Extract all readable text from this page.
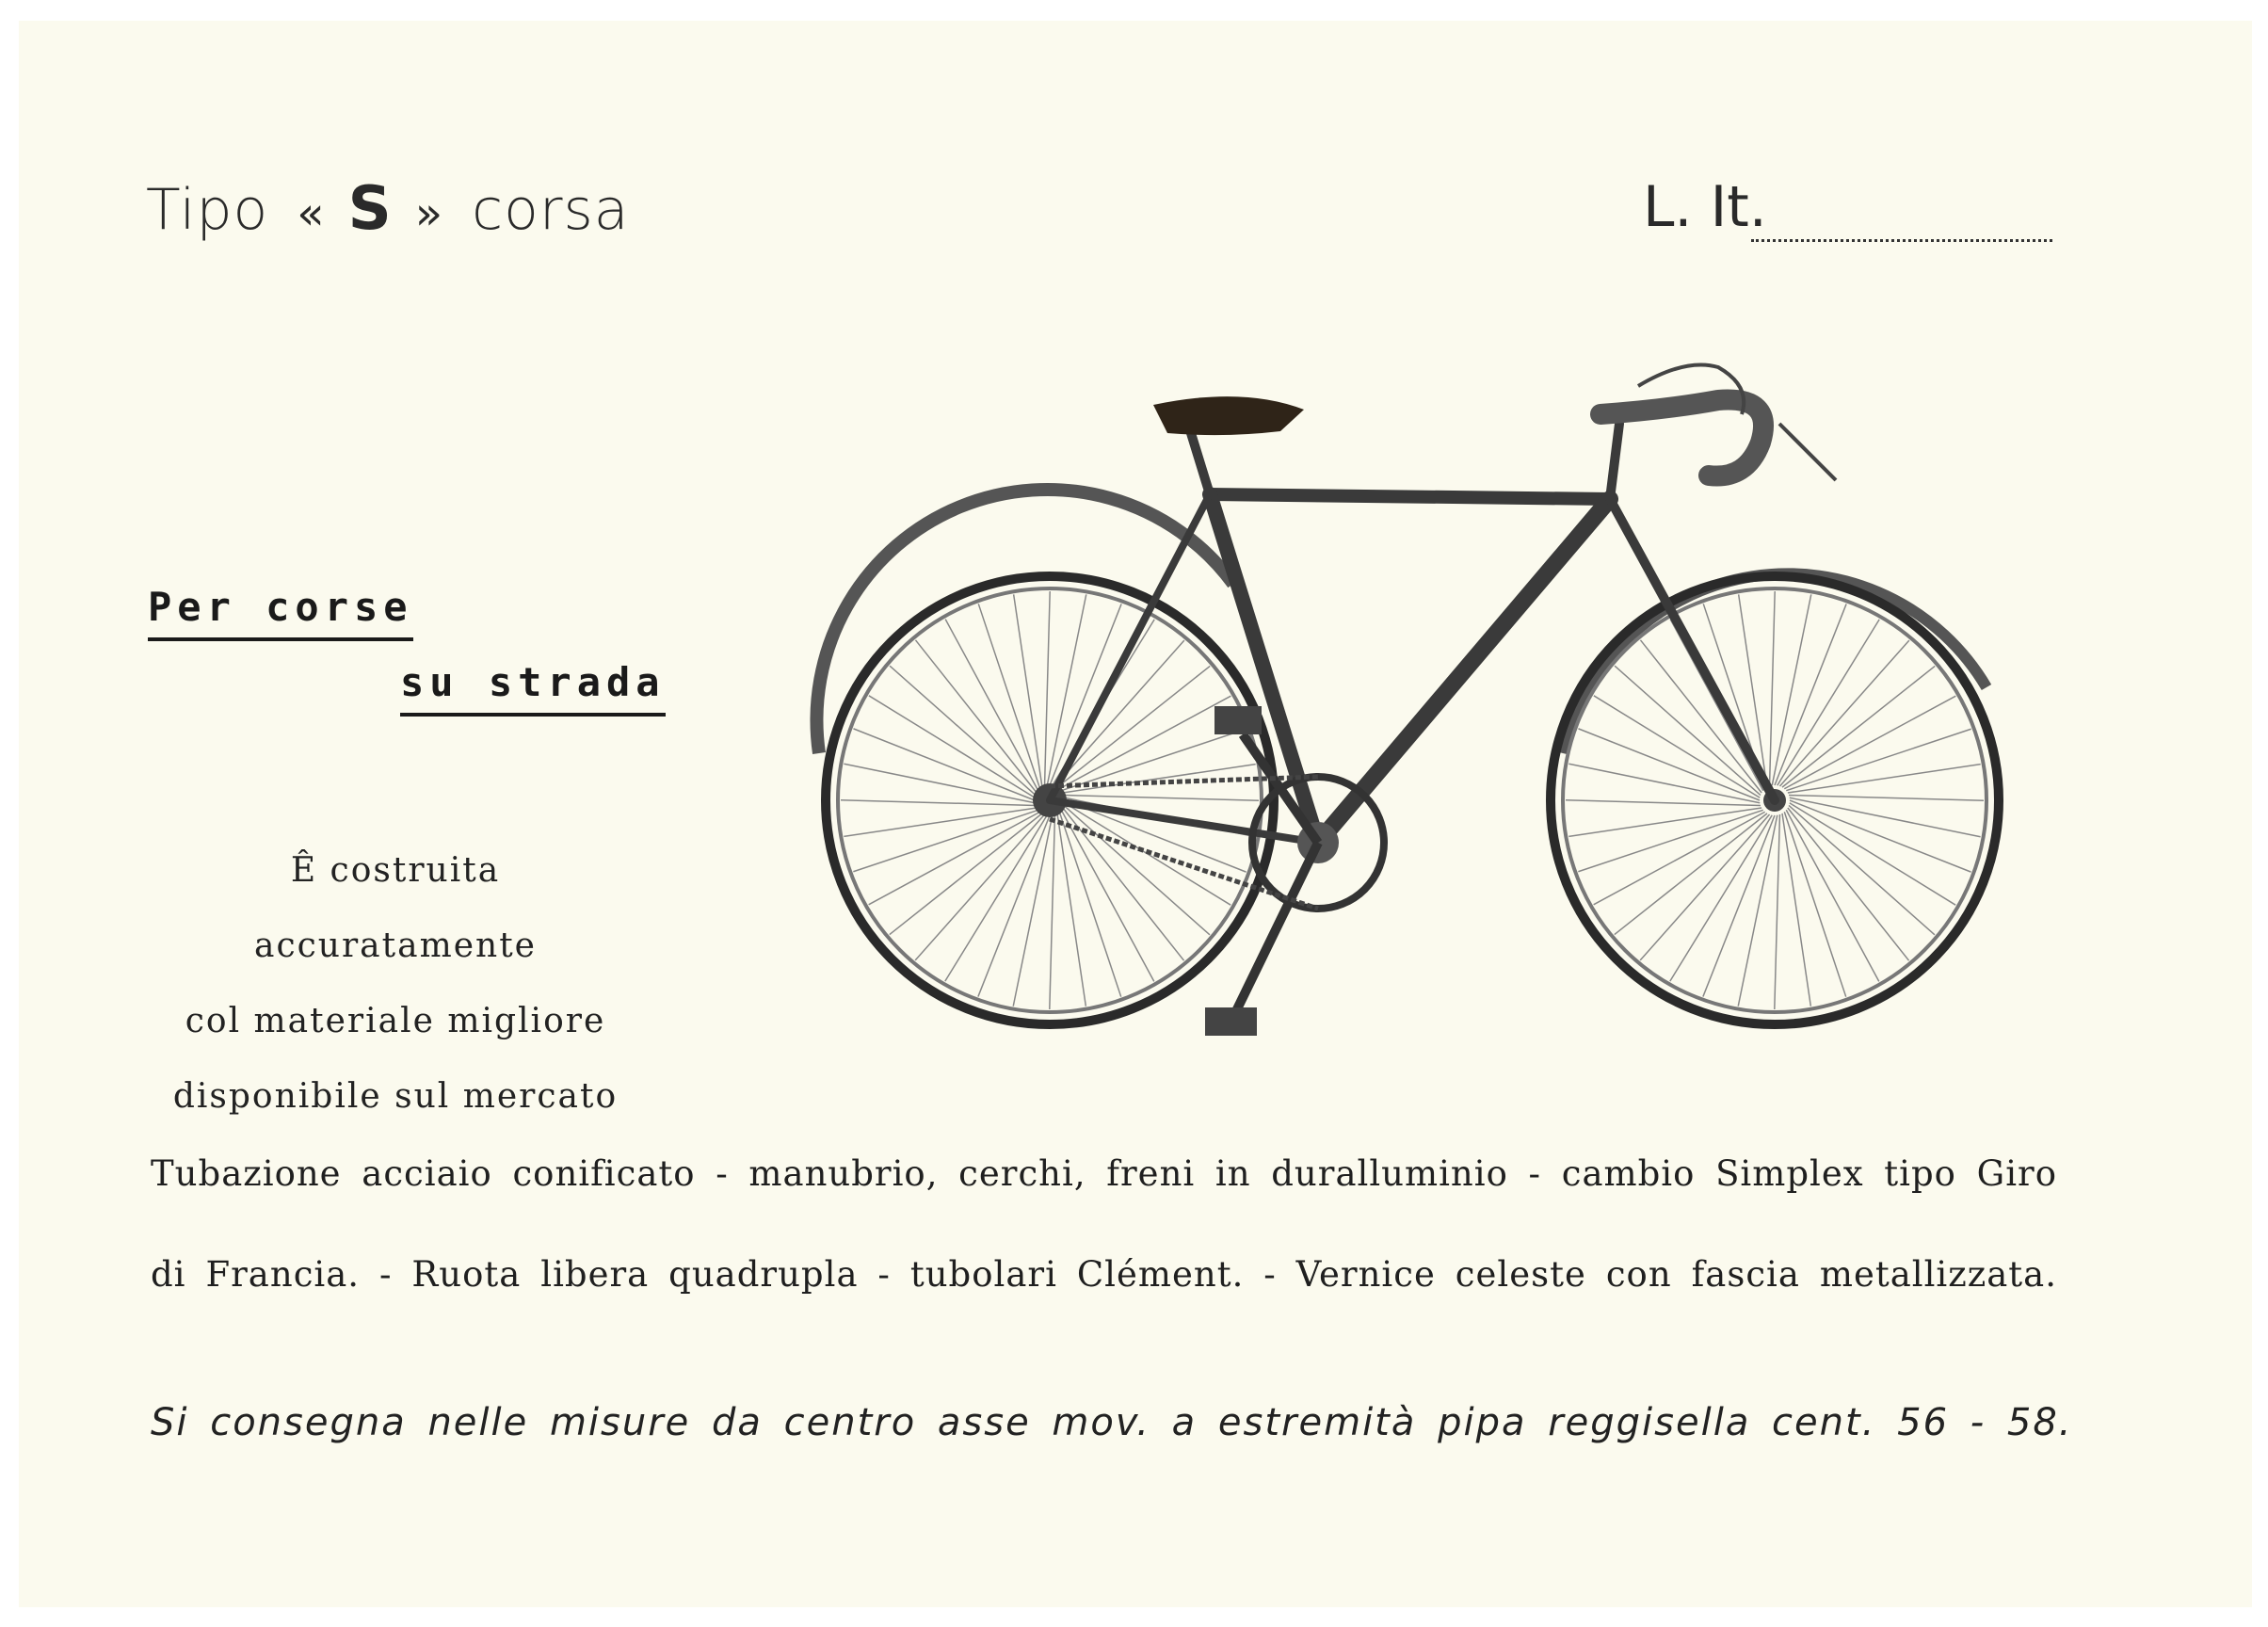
Tipo « S » corsa	L. It.
Per corse
su strada
Ê costruita
accuratamente
col materiale migliore
disponibile sul mercato
Tubazione acciaio conificato - manubrio, cerchi, freni in duralluminio - cambio Simplex tipo Giro
di Francia. - Ruota libera quadrupla - tubolari Clément. - Vernice celeste con fascia metallizzata.
Si consegna nelle misure da centro asse mov. a estremità pipa reggisella cent. 56 - 58.
